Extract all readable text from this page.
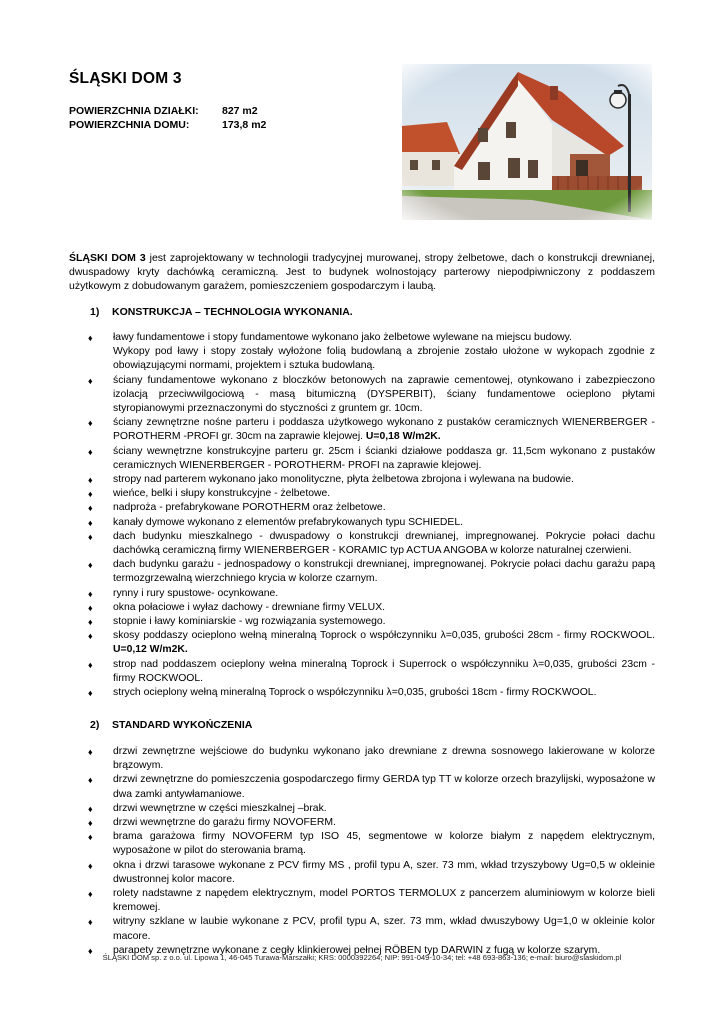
ŚLĄSKI DOM 3
POWIERZCHNIA DZIAŁKI:	827 m2
POWIERZCHNIA DOMU:	173,8 m2
ŚLĄSKI DOM 3 jest zaprojektowany w technologii tradycyjnej murowanej, stropy żelbetowe, dach o konstrukcji drewnianej, dwuspadowy kryty dachówką ceramiczną. Jest to budynek wolnostojący parterowy niepodpiwniczony z poddaszem użytkowym z dobudowanym garażem, pomieszczeniem gospodarczym i laubą.
1) KONSTRUKCJA – TECHNOLOGIA WYKONANIA.
♦ ławy fundamentowe i stopy fundamentowe wykonano jako żelbetowe wylewane na miejscu budowy.
Wykopy pod ławy i stopy zostały wyłożone folią budowlaną a zbrojenie zostało ułożone w wykopach zgodnie z obowiązującymi normami, projektem i sztuka budowlaną.
♦ ściany fundamentowe wykonano z bloczków betonowych na zaprawie cementowej, otynkowano i zabezpieczono izolacją przeciwwilgociową - masą bitumiczną (DYSPERBIT), ściany fundamentowe ocieplono płytami styropianowymi przeznaczonymi do styczności z gruntem gr. 10cm.
♦ ściany zewnętrzne nośne parteru i poddasza użytkowego wykonano z pustaków ceramicznych WIENERBERGER - POROTHERM -PROFI gr. 30cm na zaprawie klejowej. U=0,18 W/m2K.
♦ ściany wewnętrzne konstrukcyjne parteru gr. 25cm i ścianki działowe poddasza gr. 11,5cm wykonano z pustaków ceramicznych WIENERBERGER - POROTHERM- PROFI na zaprawie klejowej.
♦ stropy nad parterem wykonano jako monolityczne, płyta żelbetowa zbrojona i wylewana na budowie.
♦ wieńce, belki i słupy konstrukcyjne - żelbetowe.
♦ nadproża - prefabrykowane POROTHERM oraz żelbetowe.
♦ kanały dymowe wykonano z elementów prefabrykowanych typu SCHIEDEL.
♦ dach budynku mieszkalnego - dwuspadowy o konstrukcji drewnianej, impregnowanej. Pokrycie połaci dachu dachówką ceramiczną firmy WIENERBERGER - KORAMIC typ ACTUA ANGOBA w kolorze naturalnej czerwieni.
♦ dach budynku garażu - jednospadowy o konstrukcji drewnianej, impregnowanej. Pokrycie połaci dachu garażu papą termozgrzewalną wierzchniego krycia w kolorze czarnym.
♦ rynny i rury spustowe- ocynkowane.
♦ okna połaciowe i wyłaz dachowy - drewniane firmy VELUX.
♦ stopnie i ławy kominiarskie - wg rozwiązania systemowego.
♦ skosy poddaszy ocieplono wełną mineralną Toprock o współczynniku λ=0,035, grubości 28cm - firmy ROCKWOOL. U=0,12 W/m2K.
♦ strop nad poddaszem ocieplony wełna mineralną Toprock i Superrock o współczynniku λ=0,035, grubości 23cm - firmy ROCKWOOL.
♦ strych ocieplony wełną mineralną Toprock o współczynniku λ=0,035, grubości 18cm - firmy ROCKWOOL.
2) STANDARD WYKOŃCZENIA
♦ drzwi zewnętrzne wejściowe do budynku wykonano jako drewniane z drewna sosnowego lakierowane w kolorze brązowym.
♦ drzwi zewnętrzne do pomieszczenia gospodarczego firmy GERDA typ TT w kolorze orzech brazylijski, wyposażone w dwa zamki antywłamaniowe.
♦ drzwi wewnętrzne w części mieszkalnej –brak.
♦ drzwi wewnętrzne do garażu firmy NOVOFERM.
♦ brama garażowa firmy NOVOFERM typ ISO 45, segmentowe w kolorze białym z napędem elektrycznym, wyposażone w pilot do sterowania bramą.
♦ okna i drzwi tarasowe wykonane z PCV firmy MS , profil typu A, szer. 73 mm, wkład trzyszybowy Ug=0,5 w okleinie dwustronnej kolor macore.
♦ rolety nadstawne z napędem elektrycznym, model PORTOS TERMOLUX z pancerzem aluminiowym w kolorze bieli kremowej.
♦ witryny szklane w laubie wykonane z PCV, profil typu A, szer. 73 mm, wkład dwuszybowy Ug=1,0 w okleinie kolor macore.
♦ parapety zewnętrzne wykonane z cegły klinkierowej pełnej RÖBEN typ DARWIN z fugą w kolorze szarym.
ŚLĄSKI DOM sp. z o.o. ul. Lipowa 1, 46-045 Turawa-Marszałki; KRS: 0000392264; NIP: 991-049-10-34; tel: +48 693-863-136; e-mail: biuro@slaskidom.pl
